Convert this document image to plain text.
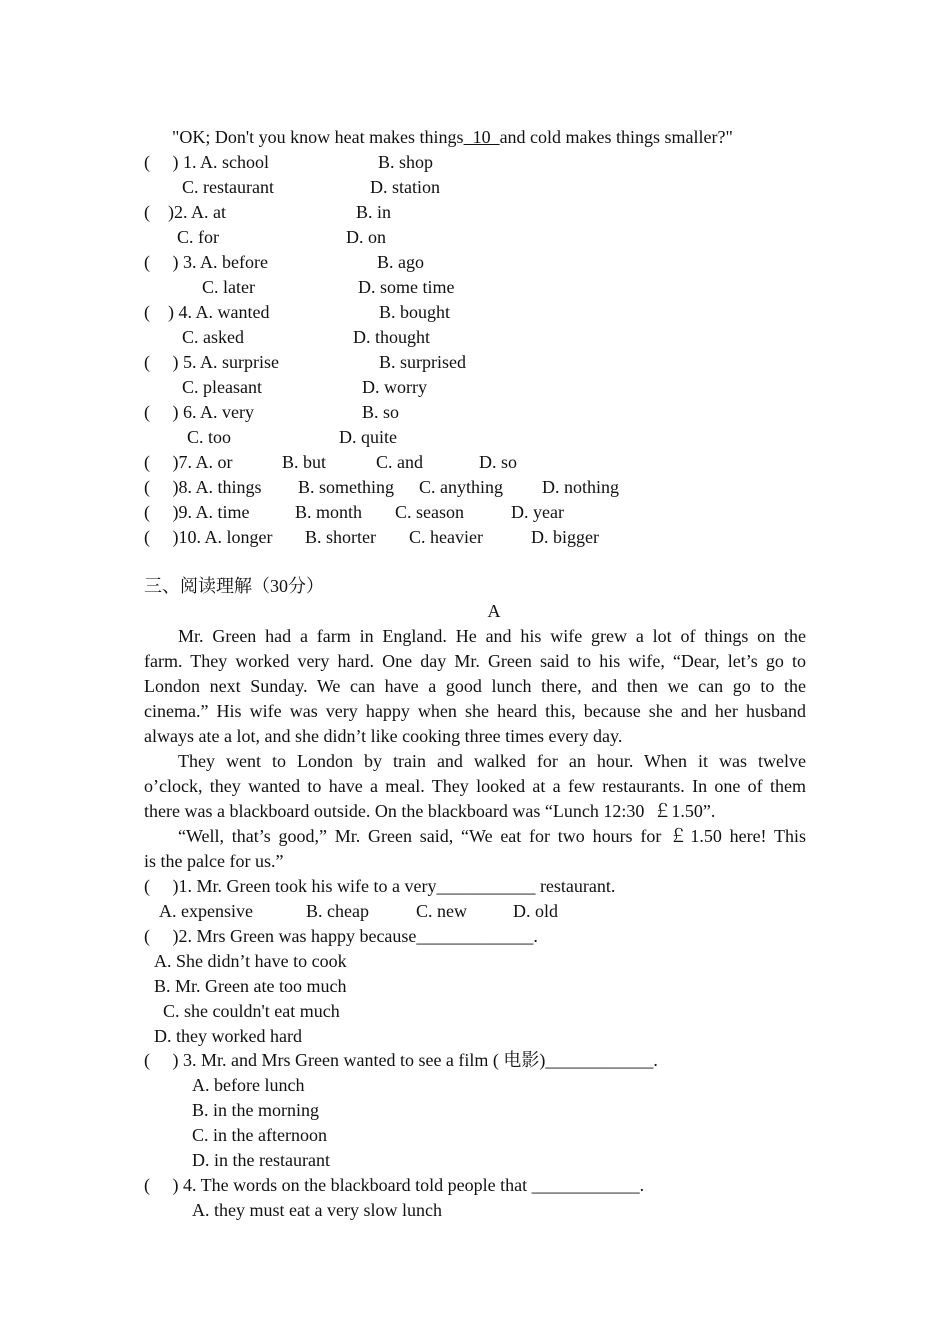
"OK; Don't you know heat makes things  10  and cold makes things smaller?"
(     ) 1. A. school	B. shop
C. restaurant	D. station
(    )2. A. at	B. in
C. for	D. on
(     ) 3. A. before	B. ago
C. later	D. some time
(    ) 4. A. wanted	B. bought
C. asked	D. thought
(     ) 5. A. surprise	B. surprised
C. pleasant	D. worry
(     ) 6. A. very	B. so
C. too	D. quite
(     )7. A. or	B. but	C. and	D. so
(     )8. A. things B. something C. anything D. nothing
(     )9. A. time	B. month C. season	D. year
(     )10. A. longer B. shorter C. heavier	D. bigger
三、阅读理解（30分）
A
Mr. Green had a farm in England. He and his wife grew a lot of things on the
farm. They worked very hard. One day Mr. Green said to his wife, “Dear, let’s go to
London next Sunday. We can have a good lunch there, and then we can go to the
cinema.” His wife was very happy when she heard this, because she and her husband
always ate a lot, and she didn’t like cooking three times every day.
They went to London by train and walked for an hour. When it was twelve
o’clock, they wanted to have a meal. They looked at a few restaurants. In one of them
there was a blackboard outside. On the blackboard was “Lunch 12:30  ￡1.50”.
“Well, that’s good,” Mr. Green said, “We eat for two hours for ￡1.50 here! This
is the palce for us.”
(     )1. Mr. Green took his wife to a very___________ restaurant.
A. expensive	B. cheap	C. new	D. old
(     )2. Mrs Green was happy because_____________.
A. She didn’t have to cook
B. Mr. Green ate too much
C. she couldn't eat much
D. they worked hard
(     ) 3. Mr. and Mrs Green wanted to see a film ( 电影)____________.
A. before lunch
B. in the morning
C. in the afternoon
D. in the restaurant
(     ) 4. The words on the blackboard told people that ____________.
A. they must eat a very slow lunch
